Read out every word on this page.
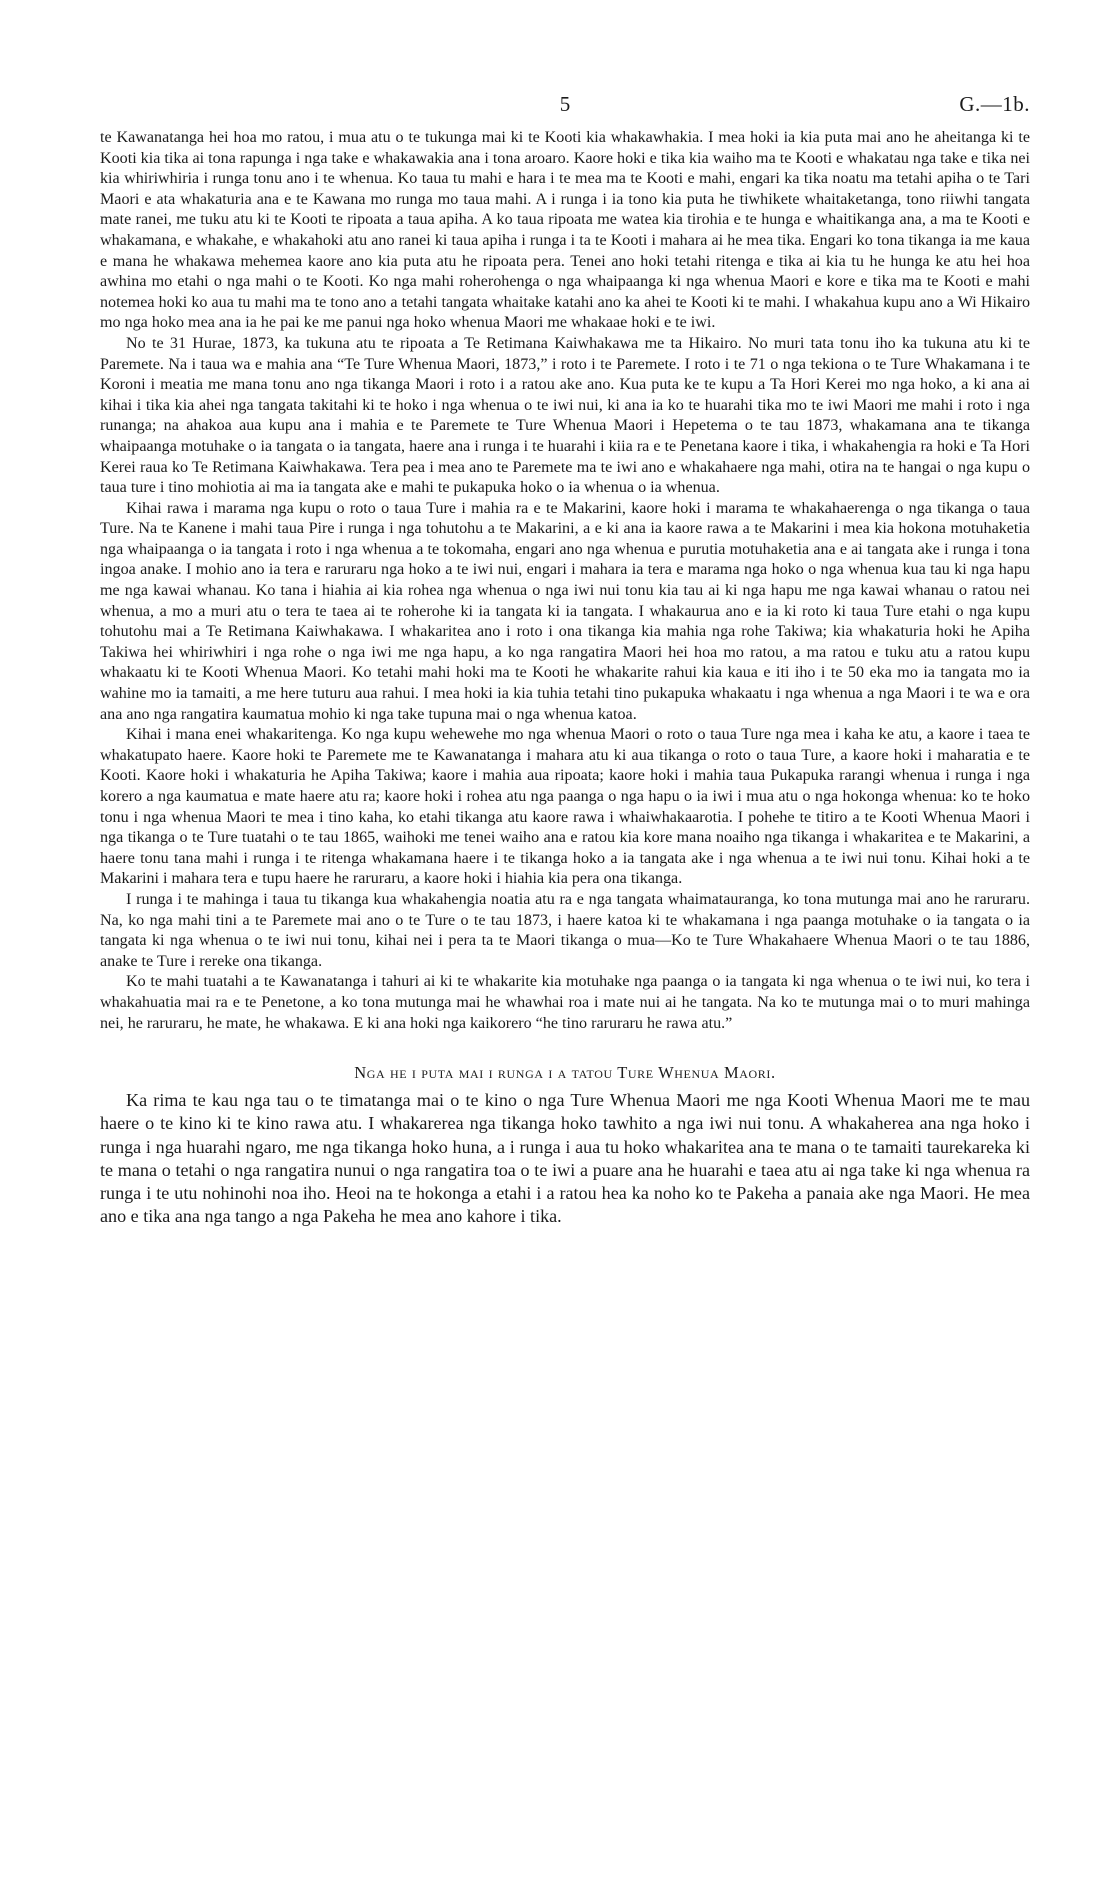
5	G.—1b.

te Kawanatanga hei hoa mo ratou, i mua atu o te tukunga mai ki te Kooti kia whakawhakia. I mea hoki ia kia puta mai ano he aheitanga ki te Kooti kia tika ai tona rapunga i nga take e whakawakia ana i tona aroaro. Kaore hoki e tika kia waiho ma te Kooti e whakatau nga take e tika nei kia whiriwhiria i runga tonu ano i te whenua. Ko taua tu mahi e hara i te mea ma te Kooti e mahi, engari ka tika noatu ma tetahi apiha o te Tari Maori e ata whakaturia ana e te Kawana mo runga mo taua mahi. A i runga i ia tono kia puta he tiwhikete whaitaketanga, tono riiwhi tangata mate ranei, me tuku atu ki te Kooti te ripoata a taua apiha. A ko taua ripoata me watea kia tirohia e te hunga e whaitikanga ana, a ma te Kooti e whakamana, e whakahe, e whakahoki atu ano ranei ki taua apiha i runga i ta te Kooti i mahara ai he mea tika. Engari ko tona tikanga ia me kaua e mana he whakawa mehemea kaore ano kia puta atu he ripoata pera. Tenei ano hoki tetahi ritenga e tika ai kia tu he hunga ke atu hei hoa awhina mo etahi o nga mahi o te Kooti. Ko nga mahi roherohenga o nga whaipaanga ki nga whenua Maori e kore e tika ma te Kooti e mahi notemea hoki ko aua tu mahi ma te tono ano a tetahi tangata whaitake katahi ano ka ahei te Kooti ki te mahi. I whakahua kupu ano a Wi Hikairo mo nga hoko mea ana ia he pai ke me panui nga hoko whenua Maori me whakaae hoki e te iwi.

No te 31 Hurae, 1873, ka tukuna atu te ripoata a Te Retimana Kaiwhakawa me ta Hikairo. No muri tata tonu iho ka tukuna atu ki te Paremete. Na i taua wa e mahia ana “Te Ture Whenua Maori, 1873,” i roto i te Paremete. I roto i te 71 o nga tekiona o te Ture Whakamana i te Koroni i meatia me mana tonu ano nga tikanga Maori i roto i a ratou ake ano. Kua puta ke te kupu a Ta Hori Kerei mo nga hoko, a ki ana ai kihai i tika kia ahei nga tangata takitahi ki te hoko i nga whenua o te iwi nui, ki ana ia ko te huarahi tika mo te iwi Maori me mahi i roto i nga runanga; na ahakoa aua kupu ana i mahia e te Paremete te Ture Whenua Maori i Hepetema o te tau 1873, whakamana ana te tikanga whaipaanga motuhake o ia tangata o ia tangata, haere ana i runga i te huarahi i kiia ra e te Penetana kaore i tika, i whakahengia ra hoki e Ta Hori Kerei raua ko Te Retimana Kaiwhakawa. Tera pea i mea ano te Paremete ma te iwi ano e whakahaere nga mahi, otira na te hangai o nga kupu o taua ture i tino mohiotia ai ma ia tangata ake e mahi te pukapuka hoko o ia whenua o ia whenua.

Kihai rawa i marama nga kupu o roto o taua Ture i mahia ra e te Makarini, kaore hoki i marama te whakahaerenga o nga tikanga o taua Ture. Na te Kanene i mahi taua Pire i runga i nga tohutohu a te Makarini, a e ki ana ia kaore rawa a te Makarini i mea kia hokona motuhaketia nga whaipaanga o ia tangata i roto i nga whenua a te tokomaha, engari ano nga whenua e purutia motuhaketia ana e ai tangata ake i runga i tona ingoa anake. I mohio ano ia tera e raruraru nga hoko a te iwi nui, engari i mahara ia tera e marama nga hoko o nga whenua kua tau ki nga hapu me nga kawai whanau. Ko tana i hiahia ai kia rohea nga whenua o nga iwi nui tonu kia tau ai ki nga hapu me nga kawai whanau o ratou nei whenua, a mo a muri atu o tera te taea ai te roherohe ki ia tangata ki ia tangata. I whakaurua ano e ia ki roto ki taua Ture etahi o nga kupu tohutohu mai a Te Retimana Kaiwhakawa. I whakaritea ano i roto i ona tikanga kia mahia nga rohe Takiwa; kia whakaturia hoki he Apiha Takiwa hei whiriwhiri i nga rohe o nga iwi me nga hapu, a ko nga rangatira Maori hei hoa mo ratou, a ma ratou e tuku atu a ratou kupu whakaatu ki te Kooti Whenua Maori. Ko tetahi mahi hoki ma te Kooti he whakarite rahui kia kaua e iti iho i te 50 eka mo ia tangata mo ia wahine mo ia tamaiti, a me here tuturu aua rahui. I mea hoki ia kia tuhia tetahi tino pukapuka whakaatu i nga whenua a nga Maori i te wa e ora ana ano nga rangatira kaumatua mohio ki nga take tupuna mai o nga whenua katoa.

Kihai i mana enei whakaritenga. Ko nga kupu wehewehe mo nga whenua Maori o roto o taua Ture nga mea i kaha ke atu, a kaore i taea te whakatupato haere. Kaore hoki te Paremete me te Kawanatanga i mahara atu ki aua tikanga o roto o taua Ture, a kaore hoki i maharatia e te Kooti. Kaore hoki i whakaturia he Apiha Takiwa; kaore i mahia aua ripoata; kaore hoki i mahia taua Pukapuka rarangi whenua i runga i nga korero a nga kaumatua e mate haere atu ra; kaore hoki i rohea atu nga paanga o nga hapu o ia iwi i mua atu o nga hokonga whenua: ko te hoko tonu i nga whenua Maori te mea i tino kaha, ko etahi tikanga atu kaore rawa i whaiwhakaarotia. I pohehe te titiro a te Kooti Whenua Maori i nga tikanga o te Ture tuatahi o te tau 1865, waihoki me tenei waiho ana e ratou kia kore mana noaiho nga tikanga i whakaritea e te Makarini, a haere tonu tana mahi i runga i te ritenga whakamana haere i te tikanga hoko a ia tangata ake i nga whenua a te iwi nui tonu. Kihai hoki a te Makarini i mahara tera e tupu haere he raruraru, a kaore hoki i hiahia kia pera ona tikanga.

I runga i te mahinga i taua tu tikanga kua whakahengia noatia atu ra e nga tangata whaimatauranga, ko tona mutunga mai ano he raruraru. Na, ko nga mahi tini a te Paremete mai ano o te Ture o te tau 1873, i haere katoa ki te whakamana i nga paanga motuhake o ia tangata o ia tangata ki nga whenua o te iwi nui tonu, kihai nei i pera ta te Maori tikanga o mua—Ko te Ture Whakahaere Whenua Maori o te tau 1886, anake te Ture i rereke ona tikanga.

Ko te mahi tuatahi a te Kawanatanga i tahuri ai ki te whakarite kia motuhake nga paanga o ia tangata ki nga whenua o te iwi nui, ko tera i whakahuatia mai ra e te Penetone, a ko tona mutunga mai he whawhai roa i mate nui ai he tangata. Na ko te mutunga mai o to muri mahinga nei, he raruraru, he mate, he whakawa. E ki ana hoki nga kaikorero “he tino raruraru he rawa atu.”

Nga he i puta mai i runga i a tatou Ture Whenua Maori.

Ka rima te kau nga tau o te timatanga mai o te kino o nga Ture Whenua Maori me nga Kooti Whenua Maori me te mau haere o te kino ki te kino rawa atu. I whakarerea nga tikanga hoko tawhito a nga iwi nui tonu. A whakaherea ana nga hoko i runga i nga huarahi ngaro, me nga tikanga hoko huna, a i runga i aua tu hoko whakaritea ana te mana o te tamaiti taurekareka ki te mana o tetahi o nga rangatira nunui o nga rangatira toa o te iwi a puare ana he huarahi e taea atu ai nga take ki nga whenua ra runga i te utu nohinohi noa iho. Heoi na te hokonga a etahi i a ratou hea ka noho ko te Pakeha a panaia ake nga Maori. He mea ano e tika ana nga tango a nga Pakeha he mea ano kahore i tika.
